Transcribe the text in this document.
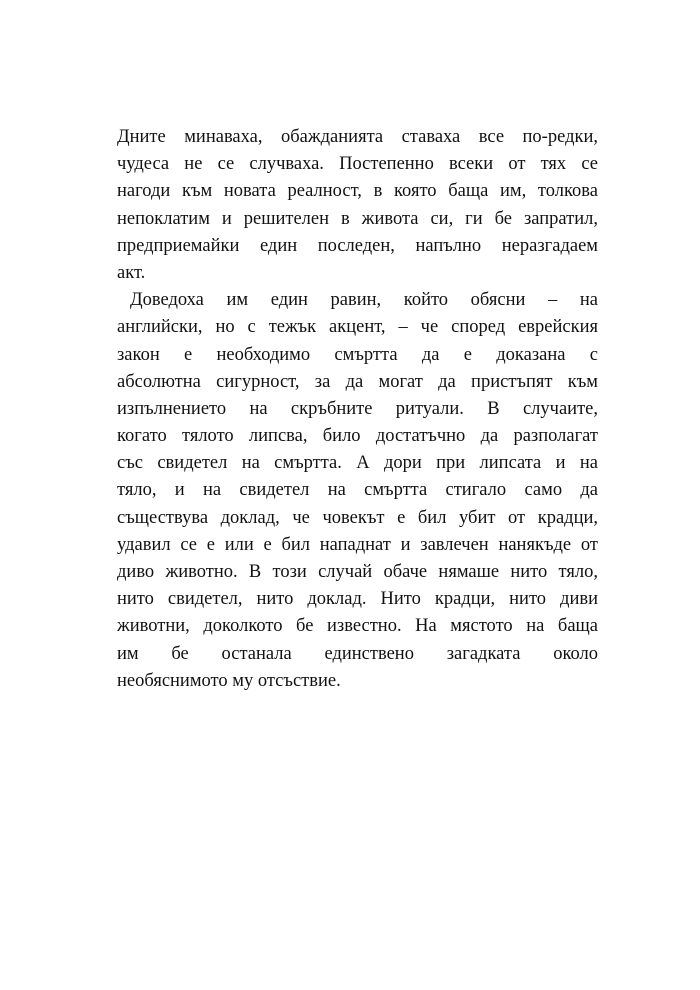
Дните минаваха, обажданията ставаха все по-редки,
чудеса не се случваха. Постепенно всеки от тях се
нагоди към новата реалност, в която баща им, толкова
непоклатим и решителен в живота си, ги бе запратил,
предприемайки един последен, напълно неразгадаем
акт.
Доведоха им един равин, който обясни – на
английски, но с тежък акцент, – че според еврейския
закон е необходимо смъртта да е доказана с
абсолютна сигурност, за да могат да пристъпят към
изпълнението на скръбните ритуали. В случаите,
когато тялото липсва, било достатъчно да разполагат
със свидетел на смъртта. А дори при липсата и на
тяло, и на свидетел на смъртта стигало само да
съществува доклад, че човекът е бил убит от крадци,
удавил се е или е бил нападнат и завлечен нанякъде от
диво животно. В този случай обаче нямаше нито тяло,
нито свидетел, нито доклад. Нито крадци, нито диви
животни, доколкото бе известно. На мястото на баща
им бе останала единствено загадката около
необяснимото му отсъствие.
